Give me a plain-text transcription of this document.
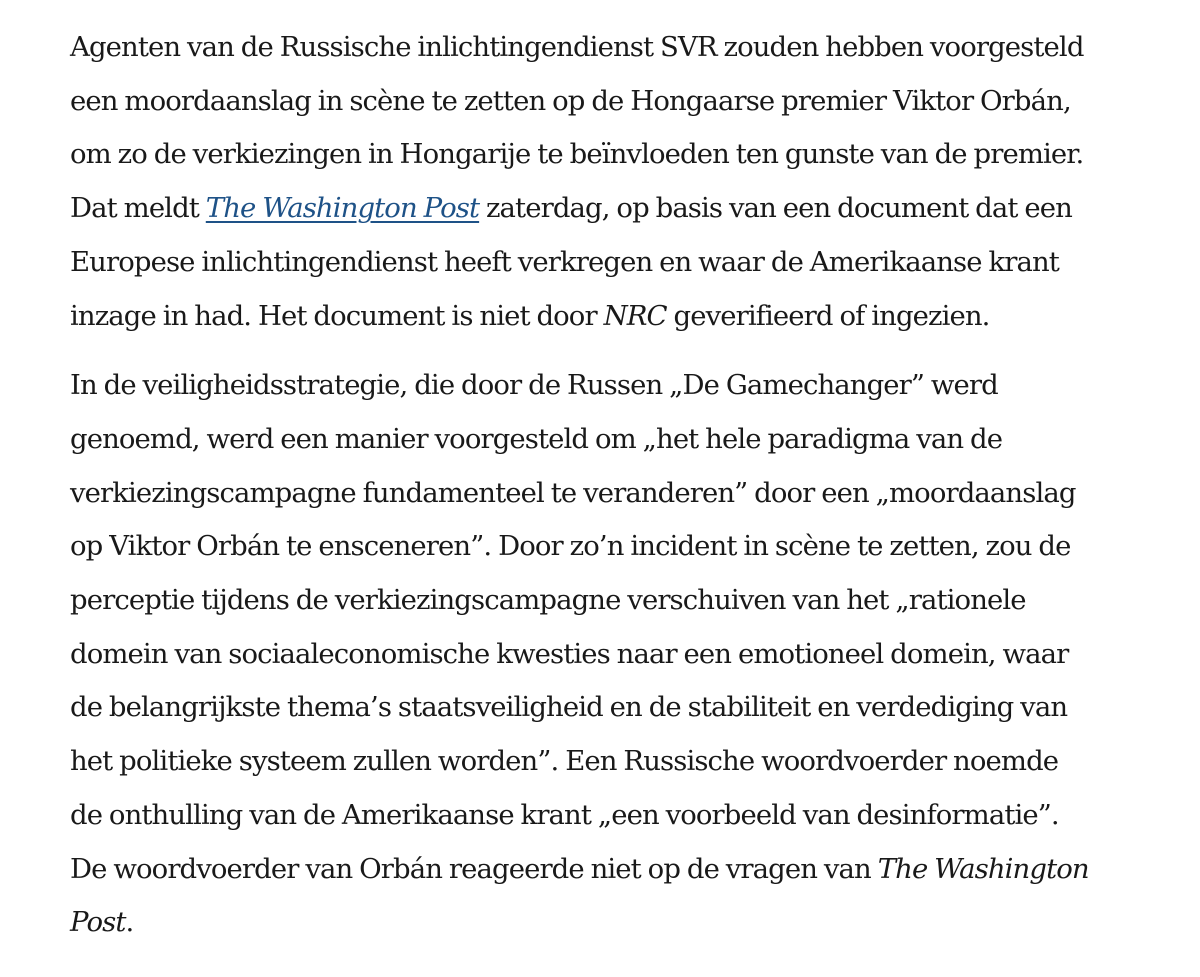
Agenten van de Russische inlichtingendienst SVR zouden hebben voorgesteld
een moordaanslag in scène te zetten op de Hongaarse premier Viktor Orbán,
om zo de verkiezingen in Hongarije te beïnvloeden ten gunste van de premier.
Dat meldt The Washington Post zaterdag, op basis van een document dat een
Europese inlichtingendienst heeft verkregen en waar de Amerikaanse krant
inzage in had. Het document is niet door NRC geverifieerd of ingezien.

In de veiligheidsstrategie, die door de Russen „De Gamechanger” werd
genoemd, werd een manier voorgesteld om „het hele paradigma van de
verkiezingscampagne fundamenteel te veranderen” door een „moordaanslag
op Viktor Orbán te ensceneren”. Door zo’n incident in scène te zetten, zou de
perceptie tijdens de verkiezingscampagne verschuiven van het „rationele
domein van sociaaleconomische kwesties naar een emotioneel domein, waar
de belangrijkste thema’s staatsveiligheid en de stabiliteit en verdediging van
het politieke systeem zullen worden”. Een Russische woordvoerder noemde
de onthulling van de Amerikaanse krant „een voorbeeld van desinformatie”.
De woordvoerder van Orbán reageerde niet op de vragen van The Washington
Post.
